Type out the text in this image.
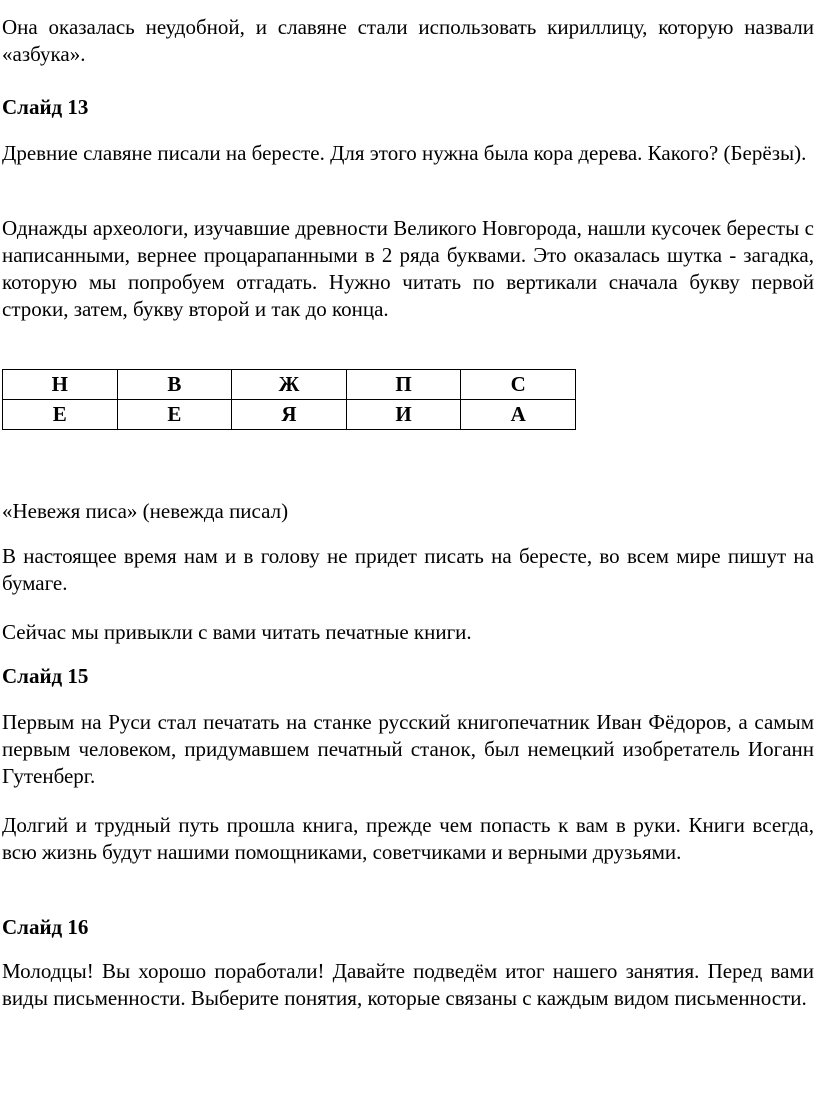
Она оказалась неудобной, и славяне стали использовать кириллицу, которую назвали «азбука».

Слайд 13

Древние славяне писали на бересте. Для этого нужна была кора дерева. Какого? (Берёзы).

Однажды археологи, изучавшие древности Великого Новгорода, нашли кусочек бересты с написанными, вернее процарапанными в 2 ряда буквами. Это оказалась шутка - загадка, которую мы попробуем отгадать. Нужно читать по вертикали сначала букву первой строки, затем, букву второй и так до конца.

Н	В	Ж	П	С
Е	Е	Я	И	А

«Невежя писа» (невежда писал)

В настоящее время нам и в голову не придет писать на бересте, во всем мире пишут на бумаге.

Сейчас мы привыкли с вами читать печатные книги.

Слайд 15

Первым на Руси стал печатать на станке русский книгопечатник Иван Фёдоров, а самым первым человеком, придумавшем печатный станок, был немецкий изобретатель Иоганн Гутенберг.

Долгий и трудный путь прошла книга, прежде чем попасть к вам в руки. Книги всегда, всю жизнь будут нашими помощниками, советчиками и верными друзьями.

Слайд 16

Молодцы! Вы хорошо поработали! Давайте подведём итог нашего занятия. Перед вами виды письменности. Выберите понятия, которые связаны с каждым видом письменности.
